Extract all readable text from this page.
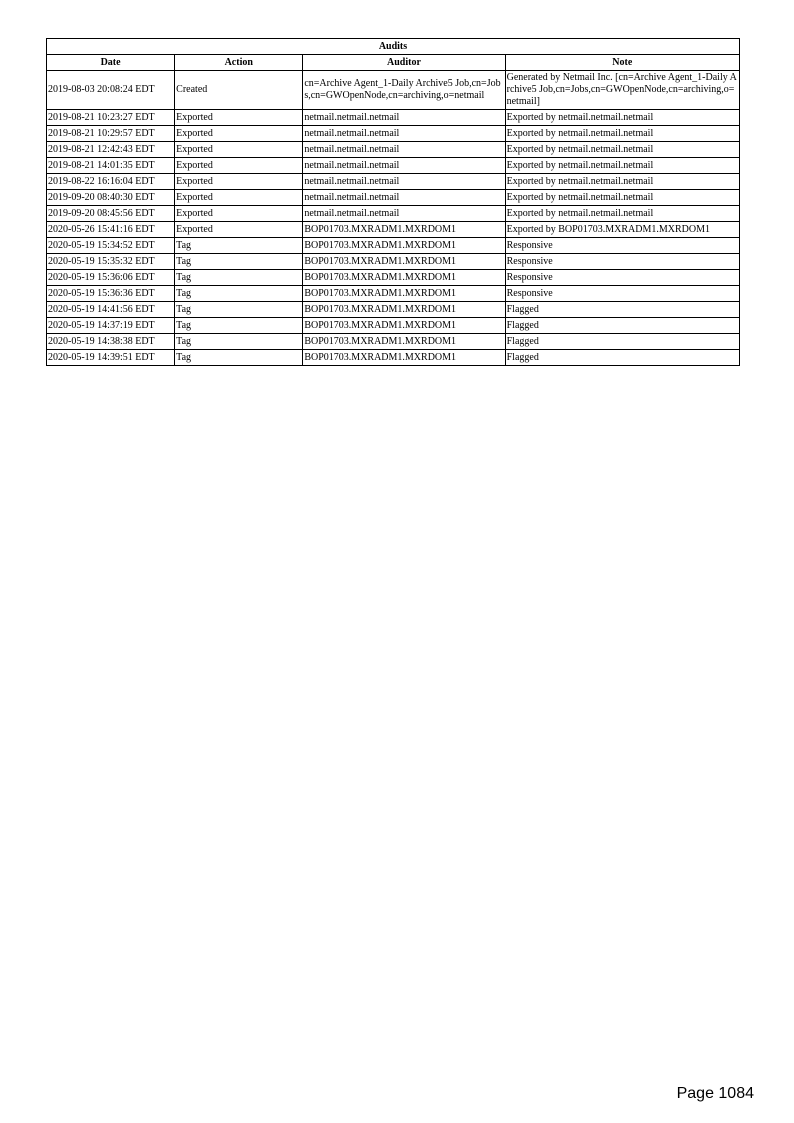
Audits			
Date	Action	Auditor	Note
2019-08-03 20:08:24 EDT	Created	cn=Archive Agent_1-Daily Archive5 Job,cn=Jobs,cn=GWOpenNode,cn=archiving,o=netmail	Generated by Netmail Inc. [cn=Archive Agent_1-Daily Archive5 Job,cn=Jobs,cn=GWOpenNode,cn=archiving,o=netmail]
2019-08-21 10:23:27 EDT	Exported	netmail.netmail.netmail	Exported by netmail.netmail.netmail
2019-08-21 10:29:57 EDT	Exported	netmail.netmail.netmail	Exported by netmail.netmail.netmail
2019-08-21 12:42:43 EDT	Exported	netmail.netmail.netmail	Exported by netmail.netmail.netmail
2019-08-21 14:01:35 EDT	Exported	netmail.netmail.netmail	Exported by netmail.netmail.netmail
2019-08-22 16:16:04 EDT	Exported	netmail.netmail.netmail	Exported by netmail.netmail.netmail
2019-09-20 08:40:30 EDT	Exported	netmail.netmail.netmail	Exported by netmail.netmail.netmail
2019-09-20 08:45:56 EDT	Exported	netmail.netmail.netmail	Exported by netmail.netmail.netmail
2020-05-26 15:41:16 EDT	Exported	BOP01703.MXRADM1.MXRDOM1	Exported by BOP01703.MXRADM1.MXRDOM1
2020-05-19 15:34:52 EDT	Tag	BOP01703.MXRADM1.MXRDOM1	Responsive
2020-05-19 15:35:32 EDT	Tag	BOP01703.MXRADM1.MXRDOM1	Responsive
2020-05-19 15:36:06 EDT	Tag	BOP01703.MXRADM1.MXRDOM1	Responsive
2020-05-19 15:36:36 EDT	Tag	BOP01703.MXRADM1.MXRDOM1	Responsive
2020-05-19 14:41:56 EDT	Tag	BOP01703.MXRADM1.MXRDOM1	Flagged
2020-05-19 14:37:19 EDT	Tag	BOP01703.MXRADM1.MXRDOM1	Flagged
2020-05-19 14:38:38 EDT	Tag	BOP01703.MXRADM1.MXRDOM1	Flagged
2020-05-19 14:39:51 EDT	Tag	BOP01703.MXRADM1.MXRDOM1	Flagged
Page 1084
